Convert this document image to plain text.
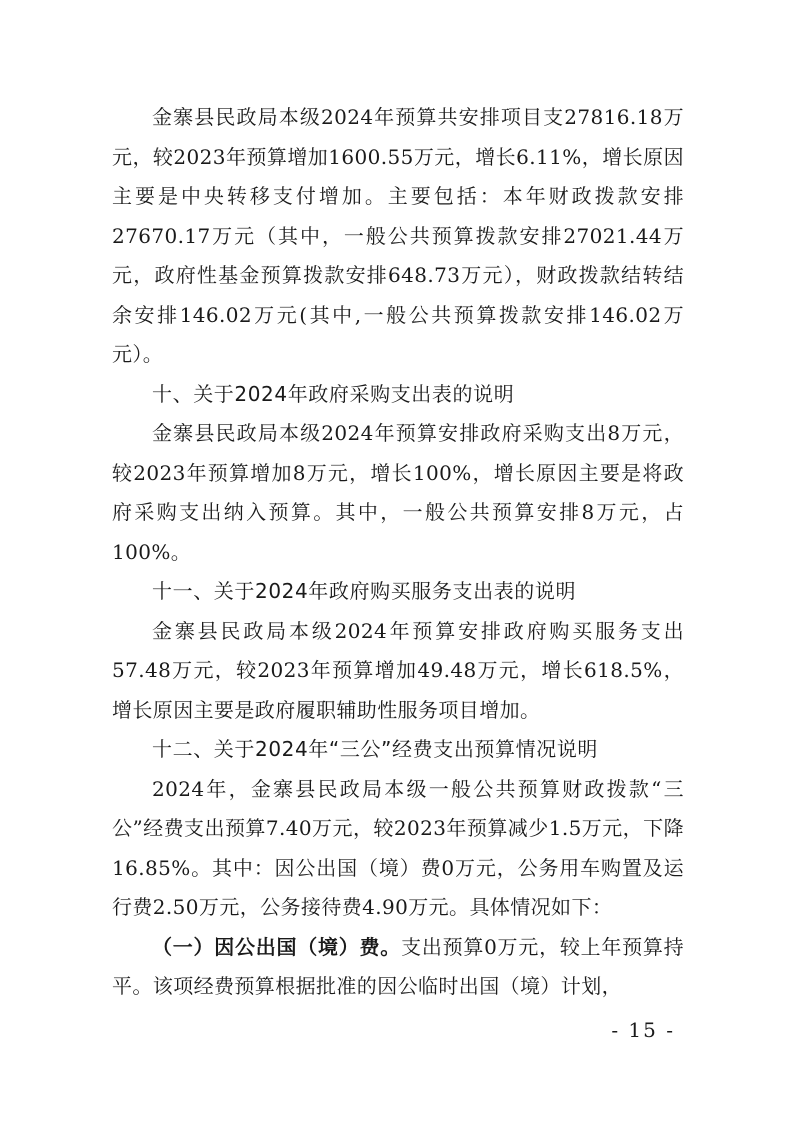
金寨县民政局本级2024年预算共安排项目支27816.18万元，较2023年预算增加1600.55万元，增长6.11%，增长原因主要是中央转移支付增加。主要包括：本年财政拨款安排27670.17万元（其中，一般公共预算拨款安排27021.44万元，政府性基金预算拨款安排648.73万元），财政拨款结转结余安排146.02万元(其中,一般公共预算拨款安排146.02万元）。

十、关于2024年政府采购支出表的说明

金寨县民政局本级2024年预算安排政府采购支出8万元，较2023年预算增加8万元，增长100%，增长原因主要是将政府采购支出纳入预算。其中，一般公共预算安排8万元，占100%。

十一、关于2024年政府购买服务支出表的说明

金寨县民政局本级2024年预算安排政府购买服务支出57.48万元，较2023年预算增加49.48万元，增长618.5%，增长原因主要是政府履职辅助性服务项目增加。

十二、关于2024年“三公”经费支出预算情况说明

2024年，金寨县民政局本级一般公共预算财政拨款“三公”经费支出预算7.40万元，较2023年预算减少1.5万元，下降16.85%。其中：因公出国（境）费0万元，公务用车购置及运行费2.50万元，公务接待费4.90万元。具体情况如下：

（一）因公出国（境）费。支出预算0万元，较上年预算持平。该项经费预算根据批准的因公临时出国（境）计划，

- 15 -
